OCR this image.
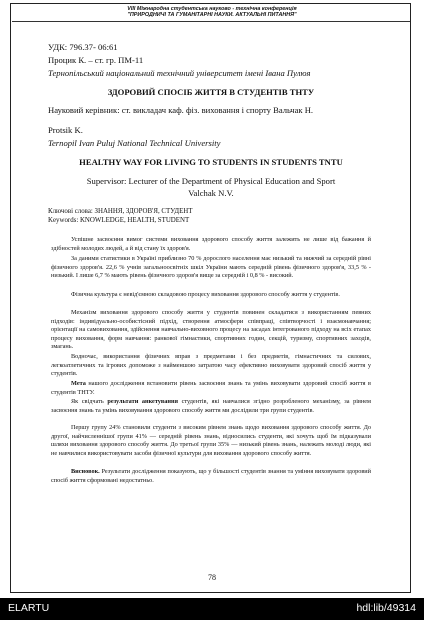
VIII Міжнародна студентська науково - технічна конференція
"ПРИРОДНИЧІ ТА ГУМАНІТАРНІ НАУКИ. АКТУАЛЬНІ ПИТАННЯ"
УДК: 796.37- 06:61
Процик К. – ст. гр. ПМ-11
Тернопільський національний технічний університет імені Івана Пулюя
ЗДОРОВИЙ СПОСІБ ЖИТТЯ В СТУДЕНТІВ ТНТУ
Науковий керівник: ст. викладач каф. фіз. виховання і спорту Вальчак Н.
Protsik K.
Ternopil Ivan Puluj National Technical University
HEALTHY WAY FOR LIVING TO STUDENTS IN STUDENTS TNTU
Supervisor: Lecturer of the Department of Physical Education and Sport
Valchak N.V.
Ключові слова: ЗНАННЯ, ЗДОРОВ'Я, СТУДЕНТ
Keywords: KNOWLEDGE, HEALTH, STUDENT
Успішне засвоєння вимог системи виховання здорового способу життя залежить не лише від бажання й здібностей молодих людей, а й від стану їх здоров'я.
За даними статистики в Україні приблизно 70 % дорослого населення має низький та нижчий за середній рівні фізичного здоров'я. 22,6 % учнів загальноосвітніх шкіл України мають середній рівень фізичного здоров'я, 33,5 % - низький. І лише 6,7 % мають рівень фізичного здоров'я вище за середній і 0,8 % - високий.
Фізична культура є невід'ємною складовою процесу виховання здорового способу життя у студентів.
Механізм виховання здорового способу життя у студентів повинен складатися з використанням певних підходів: індивідуально-особистісний підхід, створення атмосфери співпраці, співтворчості і взаємонавчання; орієнтації на самовиховання, здійснення навчально-виховного процесу на засадах інтегрованого підходу на всіх етапах процесу виховання, форм навчання: ранкової гімнастики, спортивних годин, секцій, туризму, спортивних заходів, змагань.
Водночас, використання фізичних вправ з предметами і без предметів, гімнастичних та силових, легкоатлетичних та ігрових допоможе з найменшою затратою часу ефективно виховувати здоровий спосіб життя у студентів.
Мета нашого дослідження встановити рівень засвоєння знань та умінь виховувати здоровий спосіб життя в студентів ТНТУ.
Як свідчать результати анкетування студентів, які навчалися згідно розробленого механізму, за рівнем засвоєння знань та умінь виховування здорового способу життя ми дослідили три групи студентів.
Першу групу 24% становили студенти з високим рівнем знань щодо виховання здорового способу життя. До другої, найчисленнішої групи 41% — середній рівень знань, відносились студенти, які хочуть щоб їм підказували шляхи виховання здорового способу життя. До третьої групи 35% — низький рівень знань, належать молоді люди, які не навчилися використовувати засоби фізичної культури для виховання здорового способу життя.
Висновок. Результати дослідження показують, що у більшості студентів знання та уміння виховувати здоровий спосіб життя сформовані недостатньо.
78
ELARTU	hdl:lib/49314
